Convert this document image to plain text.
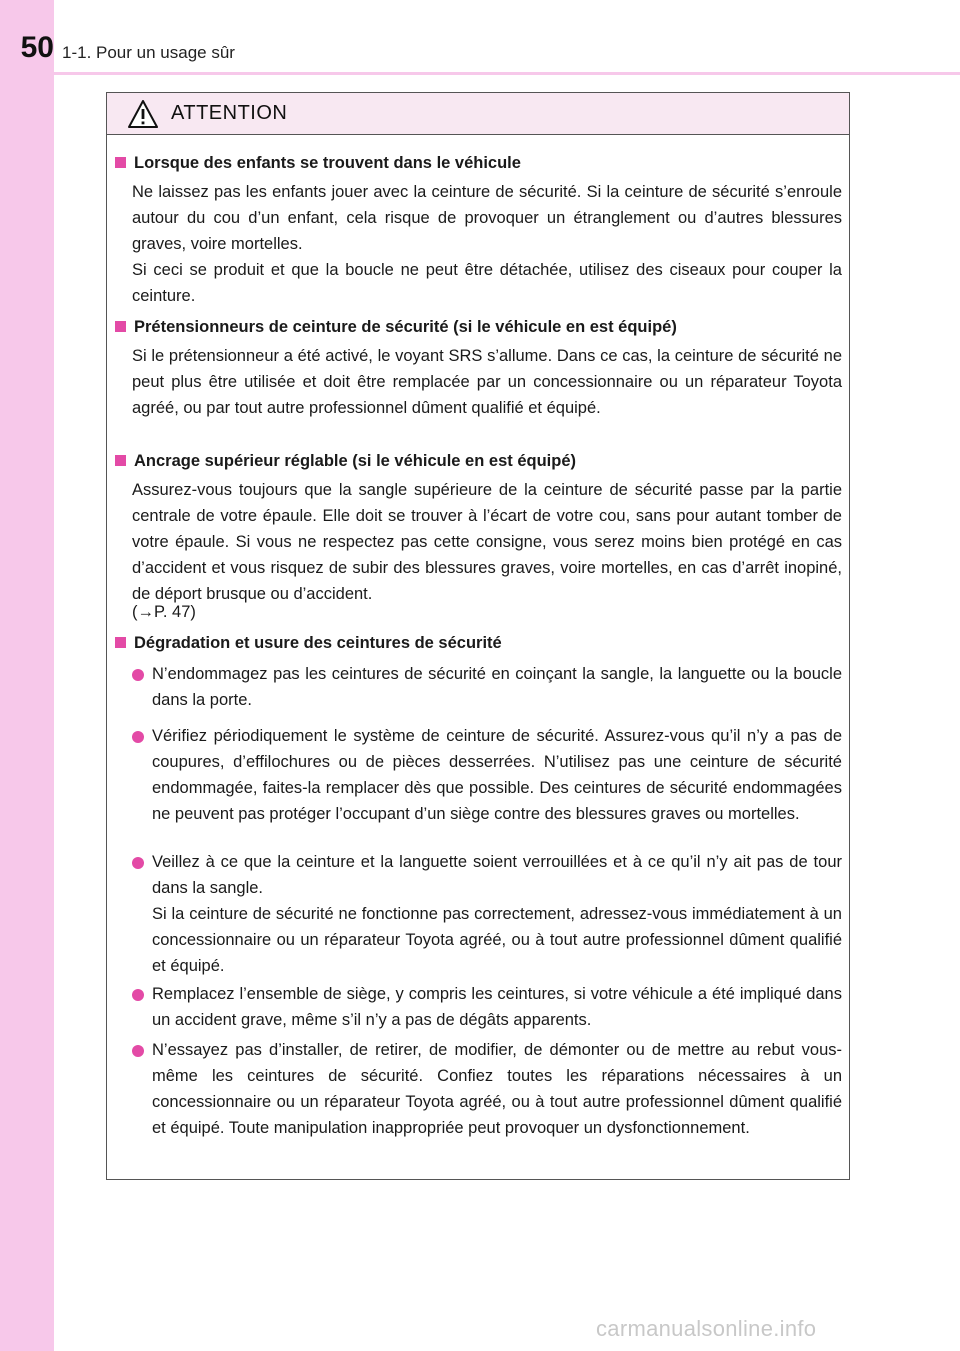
50 1-1. Pour un usage sûr
ATTENTION
Lorsque des enfants se trouvent dans le véhicule
Ne laissez pas les enfants jouer avec la ceinture de sécurité. Si la ceinture de sécurité s’enroule autour du cou d’un enfant, cela risque de provoquer un étranglement ou d’autres blessures graves, voire mortelles.
Si ceci se produit et que la boucle ne peut être détachée, utilisez des ciseaux pour couper la ceinture.
Prétensionneurs de ceinture de sécurité (si le véhicule en est équipé)
Si le prétensionneur a été activé, le voyant SRS s’allume. Dans ce cas, la ceinture de sécurité ne peut plus être utilisée et doit être remplacée par un concessionnaire ou un réparateur Toyota agréé, ou par tout autre professionnel dûment qualifié et équipé.
Ancrage supérieur réglable (si le véhicule en est équipé)
Assurez-vous toujours que la sangle supérieure de la ceinture de sécurité passe par la partie centrale de votre épaule. Elle doit se trouver à l’écart de votre cou, sans pour autant tomber de votre épaule. Si vous ne respectez pas cette consigne, vous serez moins bien protégé en cas d’accident et vous risquez de subir des blessures graves, voire mortelles, en cas d’arrêt inopiné, de déport brusque ou d’accident.
(→P. 47)
Dégradation et usure des ceintures de sécurité
N’endommagez pas les ceintures de sécurité en coinçant la sangle, la languette ou la boucle dans la porte.
Vérifiez périodiquement le système de ceinture de sécurité. Assurez-vous qu’il n’y a pas de coupures, d’effilochures ou de pièces desserrées. N’utilisez pas une ceinture de sécurité endommagée, faites-la remplacer dès que possible. Des ceintures de sécurité endommagées ne peuvent pas protéger l’occupant d’un siège contre des blessures graves ou mortelles.
Veillez à ce que la ceinture et la languette soient verrouillées et à ce qu’il n’y ait pas de tour dans la sangle.
Si la ceinture de sécurité ne fonctionne pas correctement, adressez-vous immédiatement à un concessionnaire ou un réparateur Toyota agréé, ou à tout autre professionnel dûment qualifié et équipé.
Remplacez l’ensemble de siège, y compris les ceintures, si votre véhicule a été impliqué dans un accident grave, même s’il n’y a pas de dégâts apparents.
N’essayez pas d’installer, de retirer, de modifier, de démonter ou de mettre au rebut vous-même les ceintures de sécurité. Confiez toutes les réparations nécessaires à un concessionnaire ou un réparateur Toyota agréé, ou à tout autre professionnel dûment qualifié et équipé. Toute manipulation inappropriée peut provoquer un dysfonctionnement.
carmanualsonline.info
